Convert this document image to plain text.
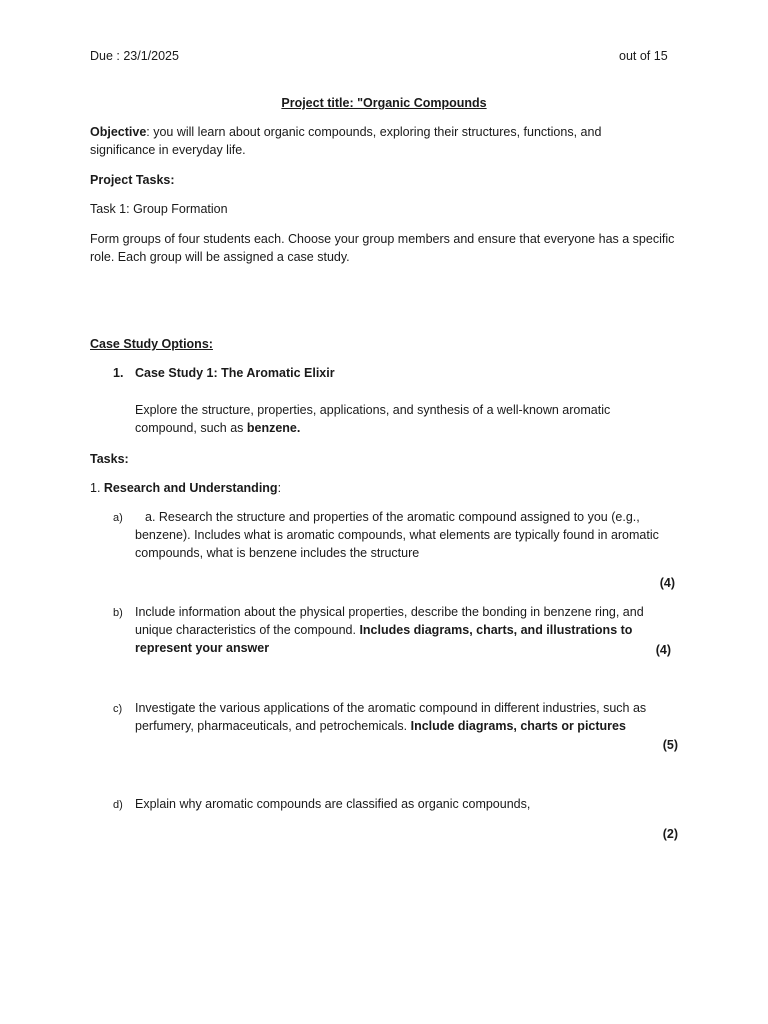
Due : 23/1/2025	out of 15
Project title: "Organic Compounds
Objective: you will learn about organic compounds, exploring their structures, functions, and significance in everyday life.
Project Tasks:
Task 1: Group Formation
Form groups of four students each. Choose your group members and ensure that everyone has a specific role. Each group will be assigned a case study.
Case Study Options:
1. Case Study 1: The Aromatic Elixir
Explore the structure, properties, applications, and synthesis of a well-known aromatic compound, such as benzene.
Tasks:
1. Research and Understanding:
a)	a. Research the structure and properties of the aromatic compound assigned to you (e.g., benzene). Includes what is aromatic compounds, what elements are typically found in aromatic compounds, what is benzene includes the structure
(4)
b) Include information about the physical properties, describe the bonding in benzene ring, and unique characteristics of the compound. Includes diagrams, charts, and illustrations to represent your answer	(4)
c) Investigate the various applications of the aromatic compound in different industries, such as perfumery, pharmaceuticals, and petrochemicals. Include diagrams, charts or pictures
(5)
d) Explain why aromatic compounds are classified as organic compounds,
(2)
